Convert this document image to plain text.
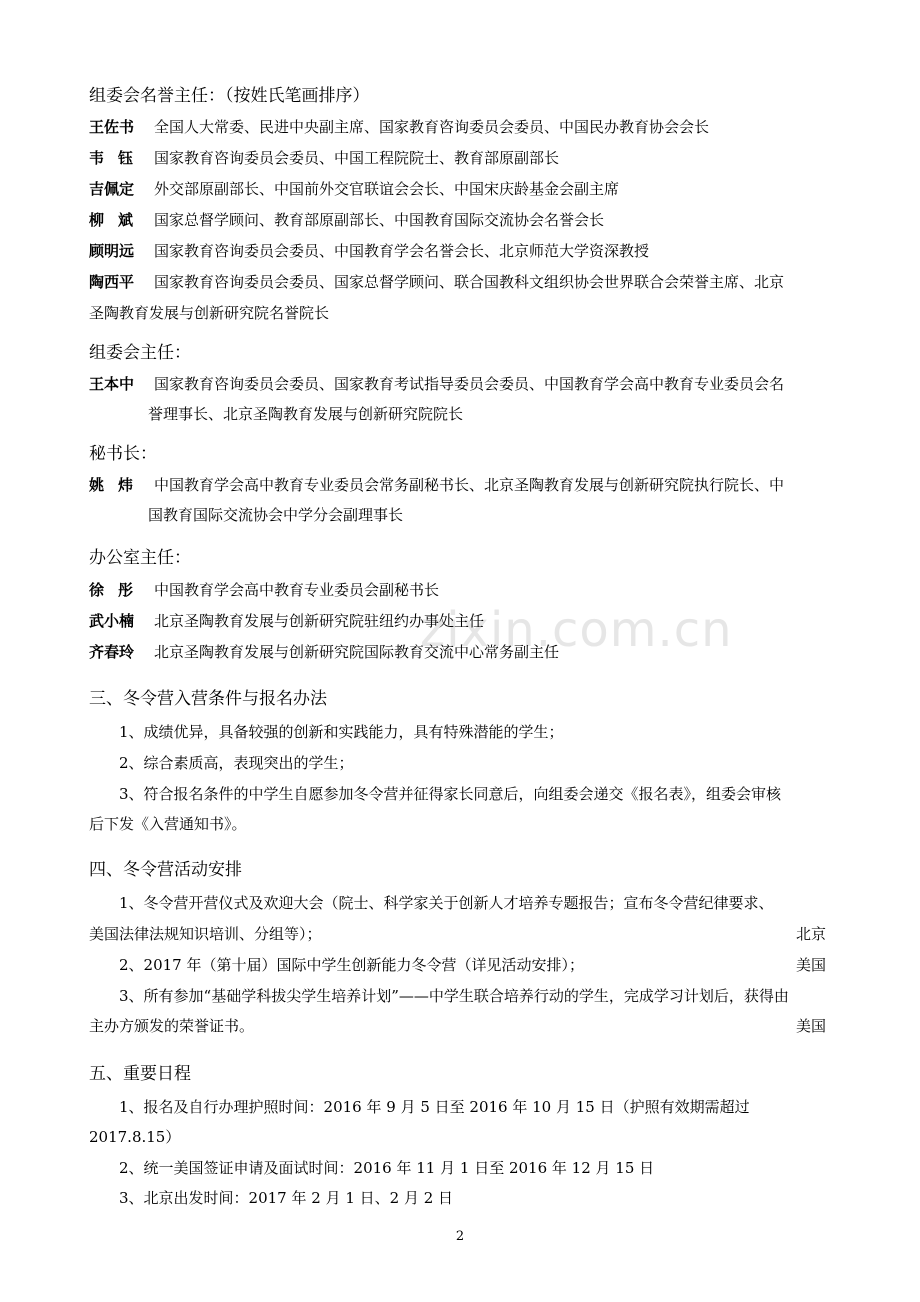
zixin.com.cn
组委会名誉主任：（按姓氏笔画排序）
王佐书	全国人大常委、民进中央副主席、国家教育咨询委员会委员、中国民办教育协会会长
韦钰 国家教育咨询委员会委员、中国工程院院士、教育部原副部长
吉佩定	外交部原副部长、中国前外交官联谊会会长、中国宋庆龄基金会副主席
柳斌 国家总督学顾问、教育部原副部长、中国教育国际交流协会名誉会长
顾明远	国家教育咨询委员会委员、中国教育学会名誉会长、北京师范大学资深教授
陶西平	国家教育咨询委员会委员、国家总督学顾问、联合国教科文组织协会世界联合会荣誉主席、北京
圣陶教育发展与创新研究院名誉院长
组委会主任：
王本中	国家教育咨询委员会委员、国家教育考试指导委员会委员、中国教育学会高中教育专业委员会名
誉理事长、北京圣陶教育发展与创新研究院院长
秘书长：
姚炜 中国教育学会高中教育专业委员会常务副秘书长、北京圣陶教育发展与创新研究院执行院长、中
国教育国际交流协会中学分会副理事长
办公室主任：
徐彤 中国教育学会高中教育专业委员会副秘书长
武小楠	北京圣陶教育发展与创新研究院驻纽约办事处主任
齐春玲	北京圣陶教育发展与创新研究院国际教育交流中心常务副主任
三、冬令营入营条件与报名办法
1、成绩优异，具备较强的创新和实践能力，具有特殊潜能的学生；
2、综合素质高，表现突出的学生；
3、符合报名条件的中学生自愿参加冬令营并征得家长同意后，向组委会递交《报名表》，组委会审核
后下发《入营通知书》。
四、冬令营活动安排
1、冬令营开营仪式及欢迎大会（院士、科学家关于创新人才培养专题报告；宣布冬令营纪律要求、
美国法律法规知识培训、分组等）；	北京
2、2017 年（第十届）国际中学生创新能力冬令营（详见活动安排）；	美国
3、所有参加“基础学科拔尖学生培养计划”——中学生联合培养行动的学生，完成学习计划后，获得由
主办方颁发的荣誉证书。	美国
五、重要日程
1、报名及自行办理护照时间：2016 年 9 月 5 日至 2016 年 10 月 15 日（护照有效期需超过
2017.8.15）
2、统一美国签证申请及面试时间：2016 年 11 月 1 日至 2016 年 12 月 15 日
3、北京出发时间：2017 年 2 月 1 日、2 月 2 日
2
